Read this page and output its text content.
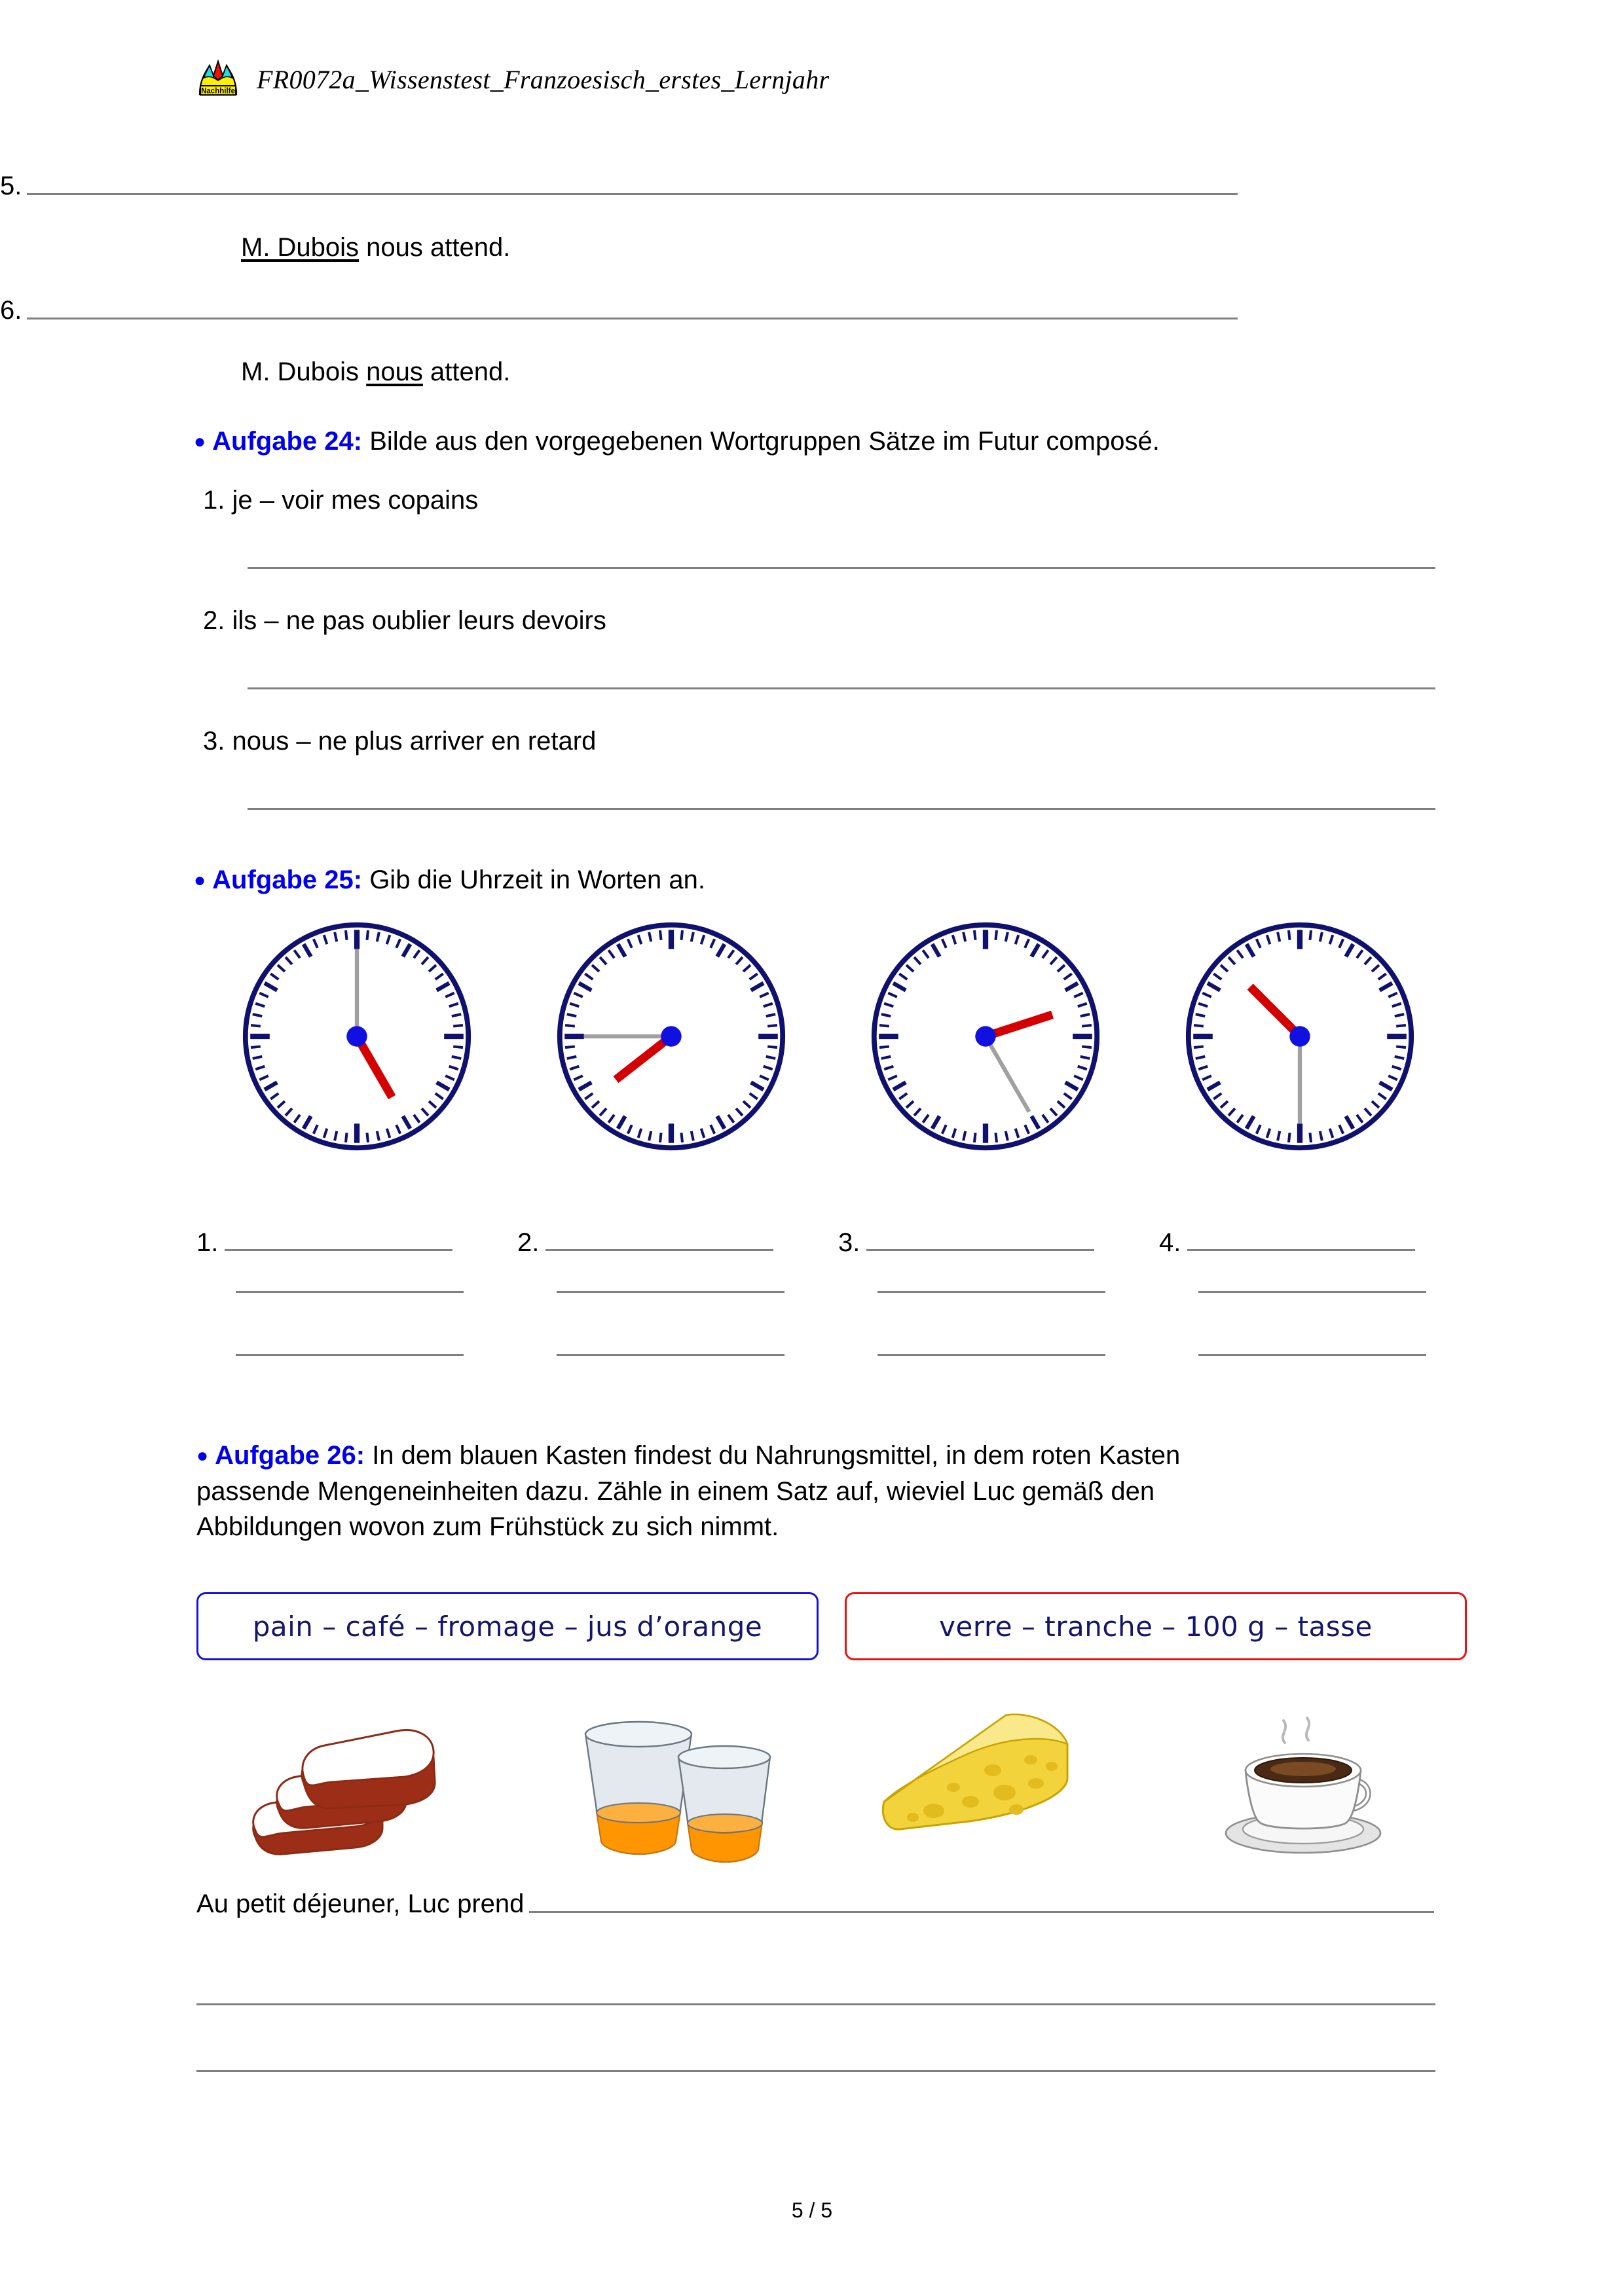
Nachhilfe FR0072a_Wissenstest_Franzoesisch_erstes_Lernjahr
5.
M. Dubois nous attend.
6.
M. Dubois nous attend.
● Aufgabe 24: Bilde aus den vorgegebenen Wortgruppen Sätze im Futur composé.
1. je – voir mes copains
2. ils – ne pas oublier leurs devoirs
3. nous – ne plus arriver en retard
● Aufgabe 25: Gib die Uhrzeit in Worten an.
1.	2.	3.	4.
● Aufgabe 26: In dem blauen Kasten findest du Nahrungsmittel, in dem roten Kasten
passende Mengeneinheiten dazu. Zähle in einem Satz auf, wieviel Luc gemäß den
Abbildungen wovon zum Frühstück zu sich nimmt.
pain – café – fromage – jus d’orange	verre – tranche – 100 g – tasse
Au petit déjeuner, Luc prend
5 / 5
